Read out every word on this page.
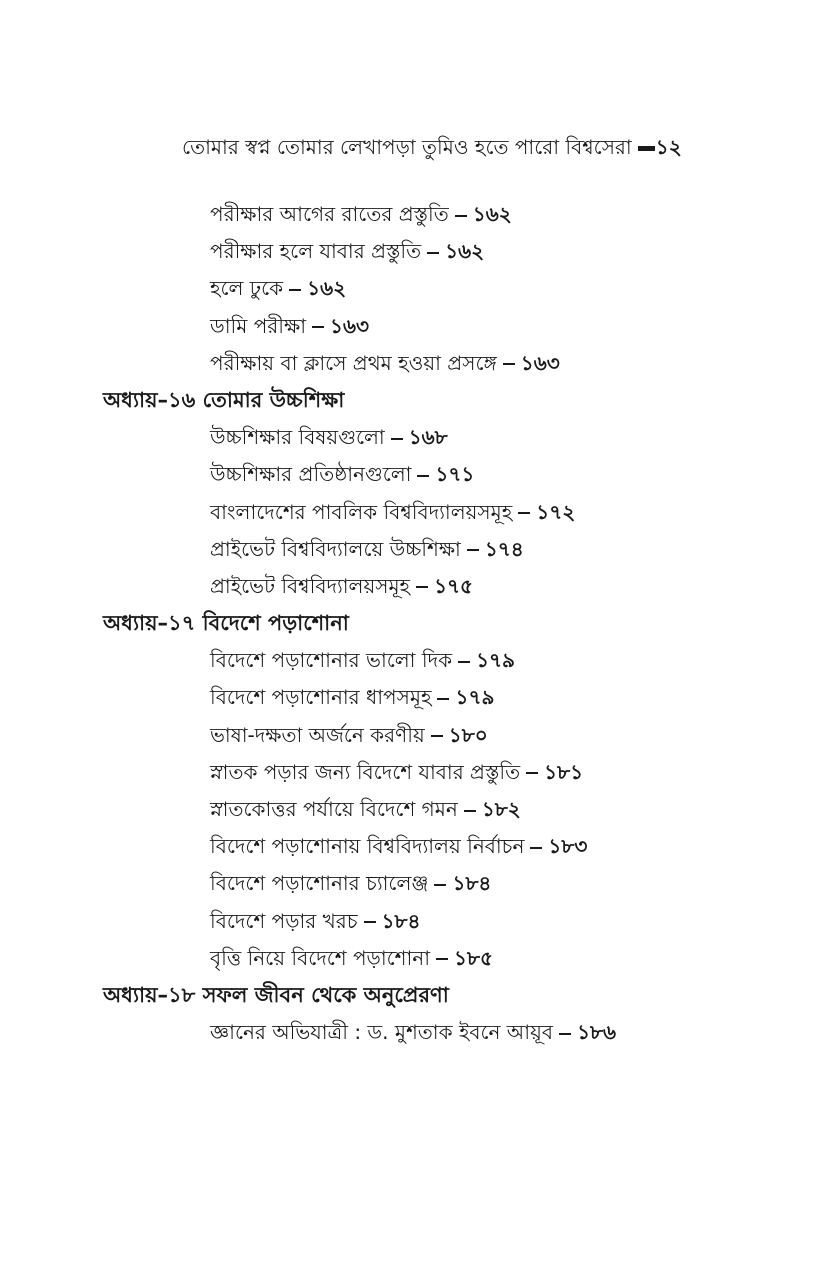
তোমার স্বপ্ন তোমার লেখাপড়া তুমিও হতে পারো বিশ্বসেরা ১২
পরীক্ষার আগের রাতের প্রস্তুতি ১৬২
পরীক্ষার হলে যাবার প্রস্তুতি ১৬২
হলে ঢুকে ১৬২
ডামি পরীক্ষা ১৬৩
পরীক্ষায় বা ক্লাসে প্রথম হওয়া প্রসঙ্গে ১৬৩
অধ্যায়–১৬ তোমার উচ্চশিক্ষা
উচ্চশিক্ষার বিষয়গুলো ১৬৮
উচ্চশিক্ষার প্রতিষ্ঠানগুলো ১৭১
বাংলাদেশের পাবলিক বিশ্ববিদ্যালয়সমূহ ১৭২
প্রাইভেট বিশ্ববিদ্যালয়ে উচ্চশিক্ষা ১৭৪
প্রাইভেট বিশ্ববিদ্যালয়সমূহ ১৭৫
অধ্যায়–১৭ বিদেশে পড়াশোনা
বিদেশে পড়াশোনার ভালো দিক ১৭৯
বিদেশে পড়াশোনার ধাপসমূহ ১৭৯
ভাষা-দক্ষতা অর্জনে করণীয় ১৮০
স্নাতক পড়ার জন্য বিদেশে যাবার প্রস্তুতি ১৮১
স্নাতকোত্তর পর্যায়ে বিদেশে গমন ১৮২
বিদেশে পড়াশোনায় বিশ্ববিদ্যালয় নির্বাচন ১৮৩
বিদেশে পড়াশোনার চ্যালেঞ্জ ১৮৪
বিদেশে পড়ার খরচ ১৮৪
বৃত্তি নিয়ে বিদেশে পড়াশোনা ১৮৫
অধ্যায়–১৮ সফল জীবন থেকে অনুপ্রেরণা
জ্ঞানের অভিযাত্রী : ড. মুশতাক ইবনে আয়ূব ১৮৬
